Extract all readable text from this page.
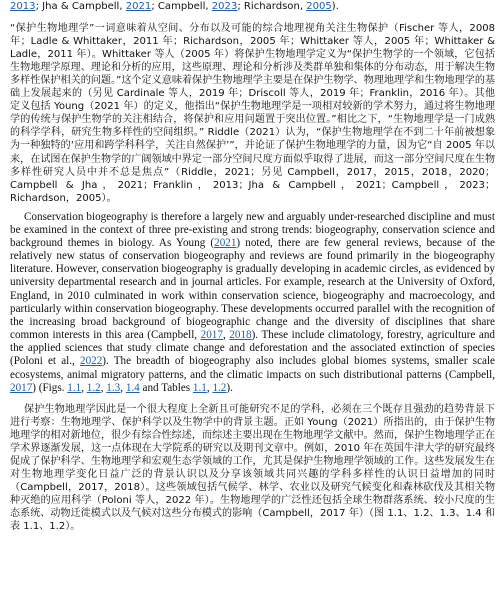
2013; Jha & Campbell, 2021; Campbell, 2023; Richardson, 2005).

“保护生物地理学”一词意味着从空间、分布以及可能的综合地理视角关注生物保护（Fischer 等人，2008 年；Ladle & Whittaker，2011 年；Richardson，2005 年；Whittaker 等人，2005 年；Whittaker & Ladle，2011 年）。Whittaker 等人（2005 年）将保护生物地理学定义为“保护生物学的一个领域，它包括生物地理学原理、理论和分析的应用，这些原理、理论和分析涉及类群单独和集体的分布动态，用于解决生物多样性保护相关的问题。”这个定义意味着保护生物地理学主要是在保护生物学、物理地理学和生物地理学的基础上发展起来的（另见 Cardinale 等人，2019 年；Driscoll 等人，2019 年；Franklin，2016 年）。其他定义包括 Young（2021 年）的定义，他指出“保护生物地理学是一项相对较新的学术努力，通过将生物地理学的传统与保护生物学的关注相结合，将保护和应用问题置于突出位置。”相比之下，“生物地理学是一门成熟的科学学科，研究生物多样性的空间组织。” Riddle（2021）认为，“保护生物地理学在不到二十年前被想象为一种独特的‘应用和跨学科科学，关注自然保护’”，并论证了保护生物地理学的力量，因为它“自 2005 年以来，在试图在保护生物学的广阔领域中界定一部分空间尺度方面似乎取得了进展，而这一部分空间尺度在生物多样性研究人员中并不总是焦点”（Riddle，2021；另见 Campbell，2017，2015，2018，2020；Campbell & Jha，2021；Franklin，2013；Jha & Campbell，2021；Campbell，2023；Richardson，2005）。

Conservation biogeography is therefore a largely new and arguably under-researched discipline and must be examined in the context of three pre-existing and strong trends: biogeography, conservation science and background themes in biology. As Young (2021) noted, there are few general reviews, because of the relatively new status of conservation biogeography and reviews are found primarily in the biogeography literature. However, conservation biogeography is gradually developing in academic circles, as evidenced by university departmental research and in journal articles. For example, research at the University of Oxford, England, in 2010 culminated in work within conservation science, biogeography and macroecology, and particularly within conservation biogeography. These developments occurred parallel with the recognition of the increasing broad background of biogeographic change and the diversity of disciplines that share common interests in this area (Campbell, 2017, 2018). These include climatology, forestry, agriculture and the applied sciences that study climate change and deforestation and the associated extinction of species (Poloni et al., 2022). The breadth of biogeography also includes global biomes systems, smaller scale ecosystems, animal migratory patterns, and the climatic impacts on such distributional patterns (Campbell, 2017) (Figs. 1.1, 1.2, 1.3, 1.4 and Tables 1.1, 1.2).

保护生物地理学因此是一个很大程度上全新且可能研究不足的学科，必须在三个既存且强劲的趋势背景下进行考察：生物地理学、保护科学以及生物学中的背景主题。正如 Young（2021）所指出的，由于保护生物地理学的相对新地位，很少有综合性综述，而综述主要出现在生物地理学文献中。然而，保护生物地理学正在学术界逐渐发展，这一点体现在大学院系的研究以及期刊文章中。例如，2010 年在英国牛津大学的研究最终促成了保护科学、生物地理学和宏观生态学领域的工作，尤其是保护生物地理学领域的工作。这些发展发生在对生物地理学变化日益广泛的背景认识以及分享该领域共同兴趣的学科多样性的认识日益增加的同时（Campbell，2017，2018）。这些领域包括气候学、林学、农业以及研究气候变化和森林砍伐及其相关物种灭绝的应用科学（Poloni 等人，2022 年）。生物地理学的广泛性还包括全球生物群落系统、较小尺度的生态系统、动物迁徙模式以及气候对这些分布模式的影响（Campbell，2017 年）（图 1.1、1.2、1.3、1.4 和表 1.1、1.2）。
